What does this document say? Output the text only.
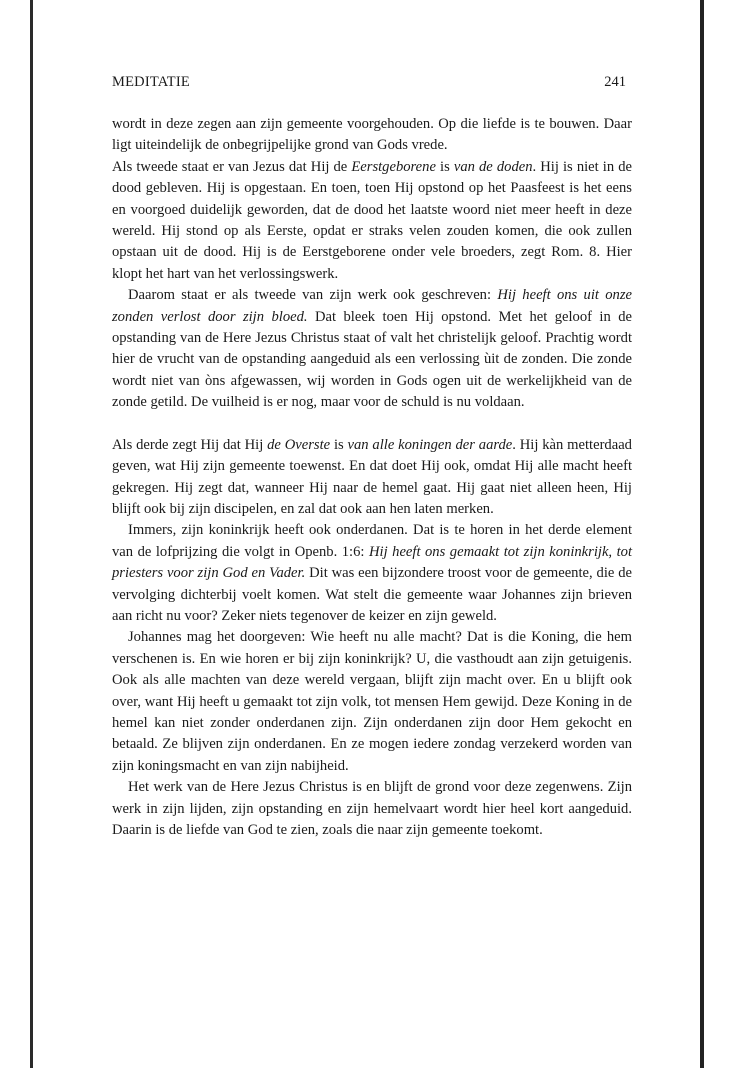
MEDITATIE	241

wordt in deze zegen aan zijn gemeente voorgehouden. Op die liefde is te bouwen. Daar ligt uiteindelijk de onbegrijpelijke grond van Gods vrede.

Als tweede staat er van Jezus dat Hij de Eerstgeborene is van de doden. Hij is niet in de dood gebleven. Hij is opgestaan. En toen, toen Hij opstond op het Paasfeest is het eens en voorgoed duidelijk geworden, dat de dood het laatste woord niet meer heeft in deze wereld. Hij stond op als Eerste, opdat er straks velen zouden komen, die ook zullen opstaan uit de dood. Hij is de Eerstgeborene onder vele broeders, zegt Rom. 8. Hier klopt het hart van het verlossingswerk.

Daarom staat er als tweede van zijn werk ook geschreven: Hij heeft ons uit onze zonden verlost door zijn bloed. Dat bleek toen Hij opstond. Met het geloof in de opstanding van de Here Jezus Christus staat of valt het christelijk geloof. Prachtig wordt hier de vrucht van de opstanding aangeduid als een verlossing ùit de zonden. Die zonde wordt niet van òns afgewassen, wij worden in Gods ogen uit de werkelijkheid van de zonde getild. De vuilheid is er nog, maar voor de schuld is nu voldaan.

Als derde zegt Hij dat Hij de Overste is van alle koningen der aarde. Hij kàn metterdaad geven, wat Hij zijn gemeente toewenst. En dat doet Hij ook, omdat Hij alle macht heeft gekregen. Hij zegt dat, wanneer Hij naar de hemel gaat. Hij gaat niet alleen heen, Hij blijft ook bij zijn discipelen, en zal dat ook aan hen laten merken.

Immers, zijn koninkrijk heeft ook onderdanen. Dat is te horen in het derde element van de lofprijzing die volgt in Openb. 1:6: Hij heeft ons gemaakt tot zijn koninkrijk, tot priesters voor zijn God en Vader. Dit was een bijzondere troost voor de gemeente, die de vervolging dichterbij voelt komen. Wat stelt die gemeente waar Johannes zijn brieven aan richt nu voor? Zeker niets tegenover de keizer en zijn geweld.

Johannes mag het doorgeven: Wie heeft nu alle macht? Dat is die Koning, die hem verschenen is. En wie horen er bij zijn koninkrijk? U, die vasthoudt aan zijn getuigenis. Ook als alle machten van deze wereld vergaan, blijft zijn macht over. En u blijft ook over, want Hij heeft u gemaakt tot zijn volk, tot mensen Hem gewijd. Deze Koning in de hemel kan niet zonder onderdanen zijn. Zijn onderdanen zijn door Hem gekocht en betaald. Ze blijven zijn onderdanen. En ze mogen iedere zondag verzekerd worden van zijn koningsmacht en van zijn nabijheid.

Het werk van de Here Jezus Christus is en blijft de grond voor deze zegenwens. Zijn werk in zijn lijden, zijn opstanding en zijn hemelvaart wordt hier heel kort aangeduid. Daarin is de liefde van God te zien, zoals die naar zijn gemeente toekomt.
